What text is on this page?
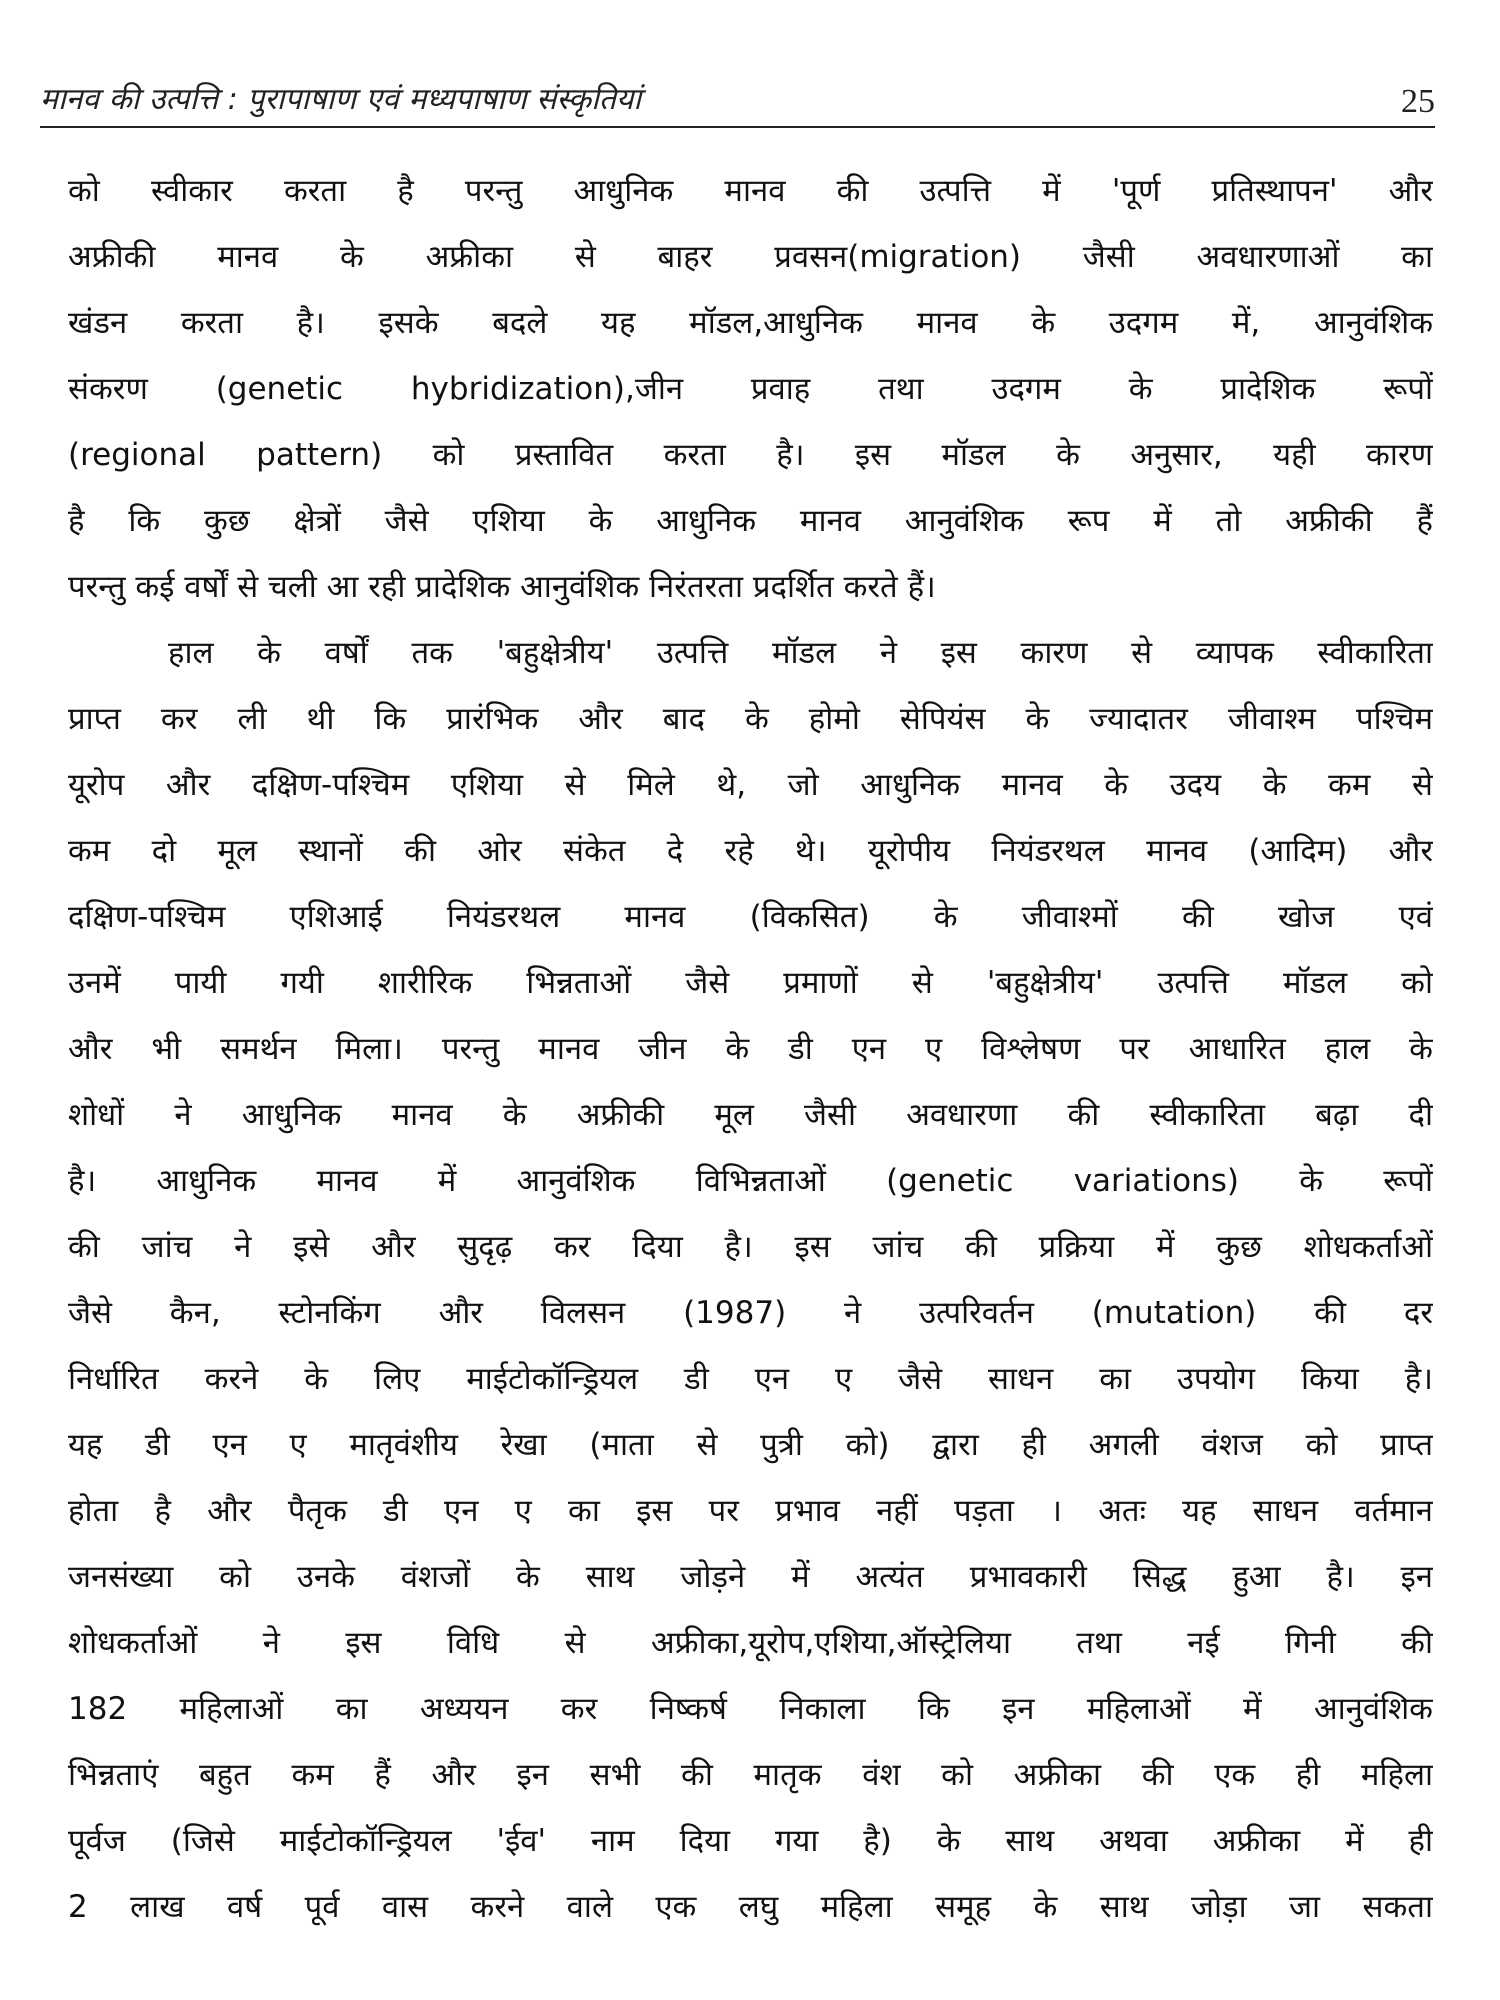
मानव की उत्पत्ति : पुरापाषाण एवं मध्यपाषाण संस्कृतियां	25
को स्वीकार करता है परन्तु आधुनिक मानव की उत्पत्ति में 'पूर्ण प्रतिस्थापन' और
अफ्रीकी मानव के अफ्रीका से बाहर प्रवसन(migration) जैसी अवधारणाओं का
खंडन करता है। इसके बदले यह मॉडल,आधुनिक मानव के उदगम में, आनुवंशिक
संकरण (genetic hybridization),जीन प्रवाह तथा उदगम के प्रादेशिक रूपों
(regional pattern) को प्रस्तावित करता है। इस मॉडल के अनुसार, यही कारण
है कि कुछ क्षेत्रों जैसे एशिया के आधुनिक मानव आनुवंशिक रूप में तो अफ्रीकी हैं
परन्तु कई वर्षों से चली आ रही प्रादेशिक आनुवंशिक निरंतरता प्रदर्शित करते हैं।
हाल के वर्षों तक 'बहुक्षेत्रीय' उत्पत्ति मॉडल ने इस कारण से व्यापक स्वीकारिता
प्राप्त कर ली थी कि प्रारंभिक और बाद के होमो सेपियंस के ज्यादातर जीवाश्म पश्चिम
यूरोप और दक्षिण-पश्चिम एशिया से मिले थे, जो आधुनिक मानव के उदय के कम से
कम दो मूल स्थानों की ओर संकेत दे रहे थे। यूरोपीय नियंडरथल मानव (आदिम) और
दक्षिण-पश्चिम एशिआई नियंडरथल मानव (विकसित) के जीवाश्मों की खोज एवं
उनमें पायी गयी शारीरिक भिन्नताओं जैसे प्रमाणों से 'बहुक्षेत्रीय' उत्पत्ति मॉडल को
और भी समर्थन मिला। परन्तु मानव जीन के डी एन ए विश्लेषण पर आधारित हाल के
शोधों ने आधुनिक मानव के अफ्रीकी मूल जैसी अवधारणा की स्वीकारिता बढ़ा दी
है। आधुनिक मानव में आनुवंशिक विभिन्नताओं (genetic variations) के रूपों
की जांच ने इसे और सुदृढ़ कर दिया है। इस जांच की प्रक्रिया में कुछ शोधकर्ताओं
जैसे कैन, स्टोनकिंग और विलसन (1987) ने उत्परिवर्तन (mutation) की दर
निर्धारित करने के लिए माईटोकॉन्ड्रियल डी एन ए जैसे साधन का उपयोग किया है।
यह डी एन ए मातृवंशीय रेखा (माता से पुत्री को) द्वारा ही अगली वंशज को प्राप्त
होता है और पैतृक डी एन ए का इस पर प्रभाव नहीं पड़ता । अतः यह साधन वर्तमान
जनसंख्या को उनके वंशजों के साथ जोड़ने में अत्यंत प्रभावकारी सिद्ध हुआ है। इन
शोधकर्ताओं ने इस विधि से अफ्रीका,यूरोप,एशिया,ऑस्ट्रेलिया तथा नई गिनी की
182 महिलाओं का अध्ययन कर निष्कर्ष निकाला कि इन महिलाओं में आनुवंशिक
भिन्नताएं बहुत कम हैं और इन सभी की मातृक वंश को अफ्रीका की एक ही महिला
पूर्वज (जिसे माईटोकॉन्ड्रियल 'ईव' नाम दिया गया है) के साथ अथवा अफ्रीका में ही
2 लाख वर्ष पूर्व वास करने वाले एक लघु महिला समूह के साथ जोड़ा जा सकता
